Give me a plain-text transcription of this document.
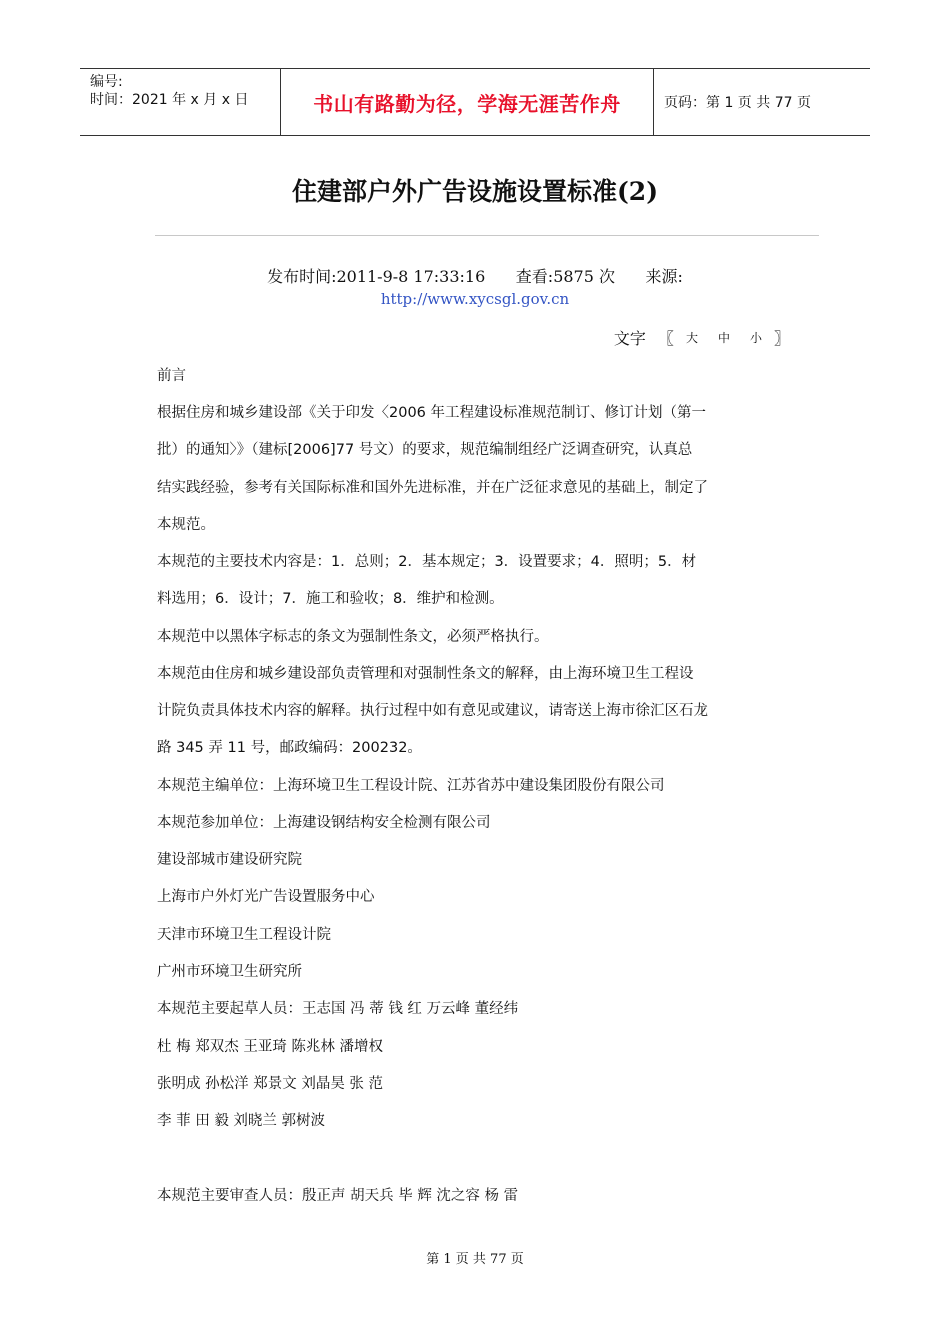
编号:
时间：2021 年 x 月 x 日	书山有路勤为径，学海无涯苦作舟	页码：第 1 页 共 77 页
住建部户外广告设施设置标准(2)
发布时间:2011-9-8 17:33:16      查看:5875 次      来源:
http://www.xycsgl.gov.cn
文字 〖	大	中	小 〗
前言
根据住房和城乡建设部《关于印发〈2006 年工程建设标准规范制订、修订计划（第一
批）的通知〉》（建标[2006]77 号文）的要求，规范编制组经广泛调查研究，认真总
结实践经验，参考有关国际标准和国外先进标准，并在广泛征求意见的基础上，制定了
本规范。
本规范的主要技术内容是：1．总则；2．基本规定；3．设置要求；4．照明；5．材
料选用；6．设计；7．施工和验收；8．维护和检测。
本规范中以黑体字标志的条文为强制性条文，必须严格执行。
本规范由住房和城乡建设部负责管理和对强制性条文的解释，由上海环境卫生工程设
计院负责具体技术内容的解释。执行过程中如有意见或建议，请寄送上海市徐汇区石龙
路 345 弄 11 号，邮政编码：200232。
本规范主编单位：上海环境卫生工程设计院、江苏省苏中建设集团股份有限公司
本规范参加单位：上海建设钢结构安全检测有限公司
建设部城市建设研究院
上海市户外灯光广告设置服务中心
天津市环境卫生工程设计院
广州市环境卫生研究所
本规范主要起草人员：王志国 冯 蒂 钱 红 万云峰 董经纬
杜 梅 郑双杰 王亚琦 陈兆林 潘增权
张明成 孙松洋 郑景文 刘晶昊 张 范
李 菲 田 毅 刘晓兰 郭树波
本规范主要审查人员：殷正声 胡天兵 毕 辉 沈之容 杨 雷
第 1 页 共 77 页
